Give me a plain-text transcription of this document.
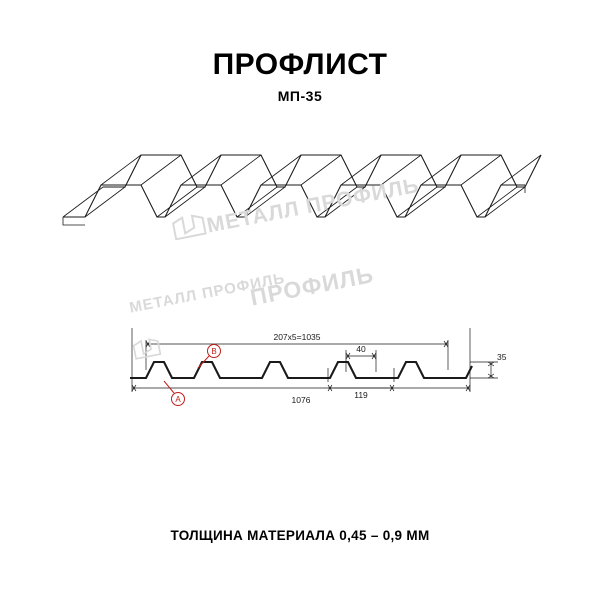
ПРОФЛИСТ
МП-35
207х5=1035
40
119
1076
35
B
A
МЕТАЛЛ ПРОФИЛЬ
МЕТАЛЛ ПРОФИЛЬ
ПРОФИЛЬ
ТОЛЩИНА МАТЕРИАЛА 0,45 – 0,9 ММ
